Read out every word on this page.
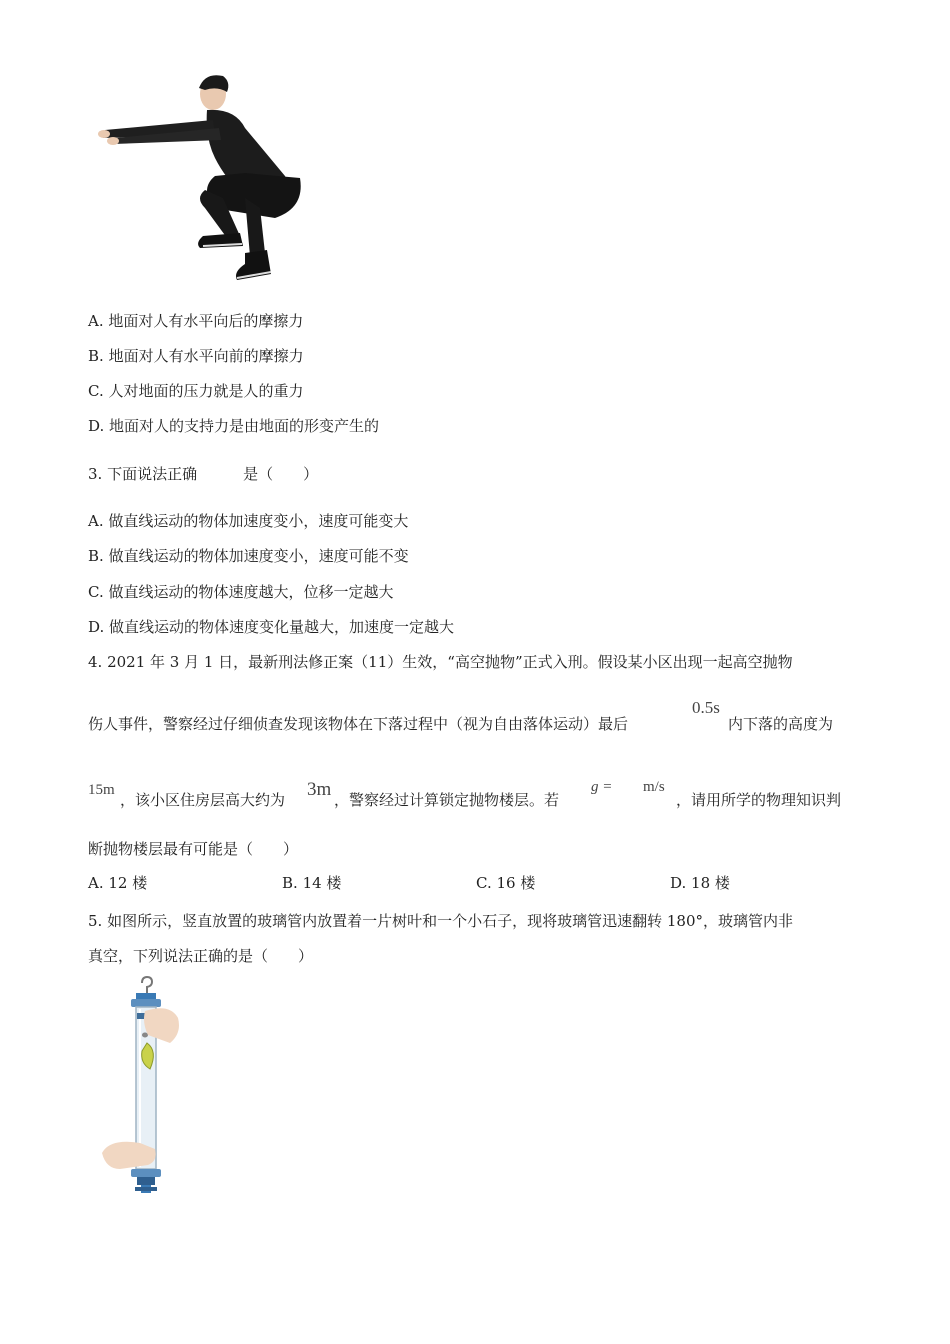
A. 地面对人有水平向后的摩擦力
B. 地面对人有水平向前的摩擦力
C. 人对地面的压力就是人的重力
D. 地面对人的支持力是由地面的形变产生的
3. 下面说法正确	是（　　）
A. 做直线运动的物体加速度变小，速度可能变大
B. 做直线运动的物体加速度变小，速度可能不变
C. 做直线运动的物体速度越大，位移一定越大
D. 做直线运动的物体速度变化量越大，加速度一定越大
4. 2021 年 3 月 1 日，最新刑法修正案（11）生效，“高空抛物”正式入刑。假设某小区出现一起高空抛物
伤人事件，警察经过仔细侦查发现该物体在下落过程中（视为自由落体运动）最后
0.5s
内下落的高度为
15m
，该小区住房层高大约为 3m ，警察经过计算锁定抛物楼层。若
g = m/s
，请用所学的物理知识判
断抛物楼层最有可能是（　　）
A. 12 楼	B. 14 楼	C. 16 楼	D. 18 楼
5. 如图所示，竖直放置的玻璃管内放置着一片树叶和一个小石子，现将玻璃管迅速翻转 180°，玻璃管内非
真空，下列说法正确的是（　　）
